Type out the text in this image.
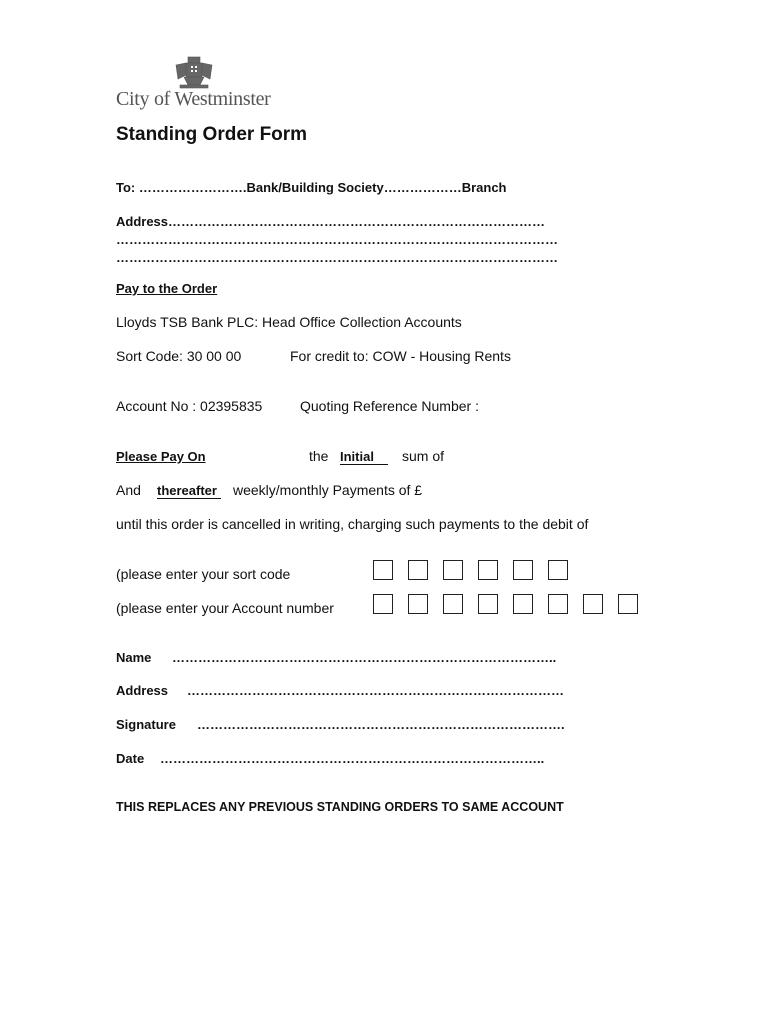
City of Westminster
Standing Order Form
To: …………………….Bank/Building Society………………Branch
Address……………………………………………………………………………
…………………………………………………………………………………………
…………………………………………………………………………………………
Pay to the Order
Lloyds TSB Bank PLC: Head Office Collection Accounts
Sort Code: 30 00 00	For credit to: COW - Housing Rents
Account No : 02395835	Quoting Reference Number :
Please Pay On	the Initial	sum of
And thereafter weekly/monthly Payments of £
until this order is cancelled in writing, charging such payments to the debit of
(please enter your sort code
(please enter your Account number
Name ……………………………………………………………………………..
Address ……………………………………………………………………………
Signature ………………………………………………………………………….
Date ……………………………………………………………………………..
THIS REPLACES ANY PREVIOUS STANDING ORDERS TO SAME ACCOUNT
